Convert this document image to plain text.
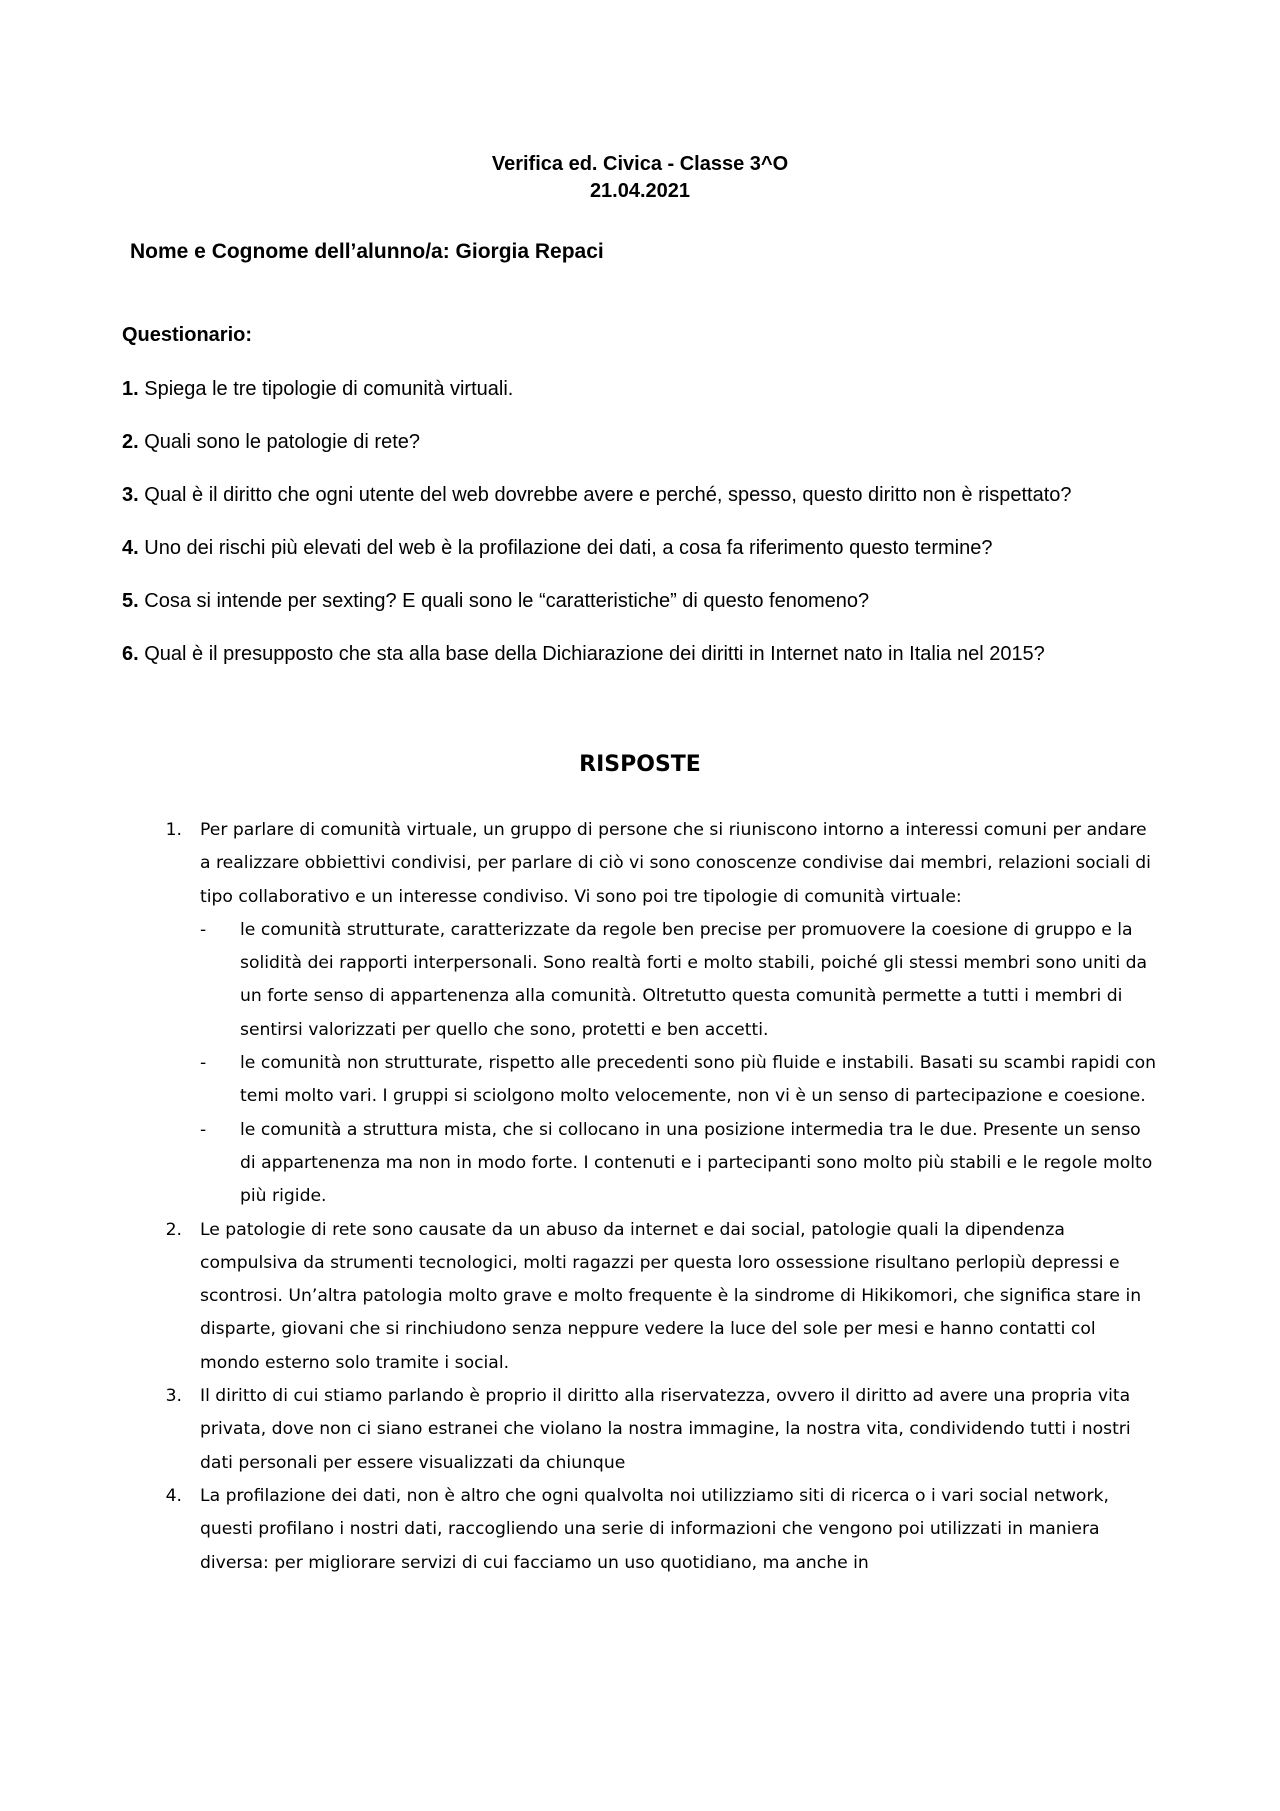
Verifica ed. Civica - Classe 3^O
21.04.2021
Nome e Cognome dell’alunno/a: Giorgia Repaci
Questionario:
1. Spiega le tre tipologie di comunità virtuali.
2. Quali sono le patologie di rete?
3. Qual è il diritto che ogni utente del web dovrebbe avere e perché, spesso, questo diritto non è rispettato?
4. Uno dei rischi più elevati del web è la profilazione dei dati, a cosa fa riferimento questo termine?
5. Cosa si intende per sexting? E quali sono le “caratteristiche” di questo fenomeno?
6. Qual è il presupposto che sta alla base della Dichiarazione dei diritti in Internet nato in Italia nel 2015?
RISPOSTE
1. Per parlare di comunità virtuale, un gruppo di persone che si riuniscono intorno a interessi comuni per andare a realizzare obbiettivi condivisi, per parlare di ciò vi sono conoscenze condivise dai membri, relazioni sociali di tipo collaborativo e un interesse condiviso. Vi sono poi tre tipologie di comunità virtuale:
- le comunità strutturate, caratterizzate da regole ben precise per promuovere la coesione di gruppo e la solidità dei rapporti interpersonali. Sono realtà forti e molto stabili, poiché gli stessi membri sono uniti da un forte senso di appartenenza alla comunità. Oltretutto questa comunità permette a tutti i membri di sentirsi valorizzati per quello che sono, protetti e ben accetti.
- le comunità non strutturate, rispetto alle precedenti sono più fluide e instabili. Basati su scambi rapidi con temi molto vari. I gruppi si sciolgono molto velocemente, non vi è un senso di partecipazione e coesione.
- le comunità a struttura mista, che si collocano in una posizione intermedia tra le due. Presente un senso di appartenenza ma non in modo forte. I contenuti e i partecipanti sono molto più stabili e le regole molto più rigide.
2. Le patologie di rete sono causate da un abuso da internet e dai social, patologie quali la dipendenza compulsiva da strumenti tecnologici, molti ragazzi per questa loro ossessione risultano perlopiù depressi e scontrosi. Un’altra patologia molto grave e molto frequente è la sindrome di Hikikomori, che significa stare in disparte, giovani che si rinchiudono senza neppure vedere la luce del sole per mesi e hanno contatti col mondo esterno solo tramite i social.
3. Il diritto di cui stiamo parlando è proprio il diritto alla riservatezza, ovvero il diritto ad avere una propria vita privata, dove non ci siano estranei che violano la nostra immagine, la nostra vita, condividendo tutti i nostri dati personali per essere visualizzati da chiunque
4. La profilazione dei dati, non è altro che ogni qualvolta noi utilizziamo siti di ricerca o i vari social network, questi profilano i nostri dati, raccogliendo una serie di informazioni che vengono poi utilizzati in maniera diversa: per migliorare servizi di cui facciamo un uso quotidiano, ma anche in
